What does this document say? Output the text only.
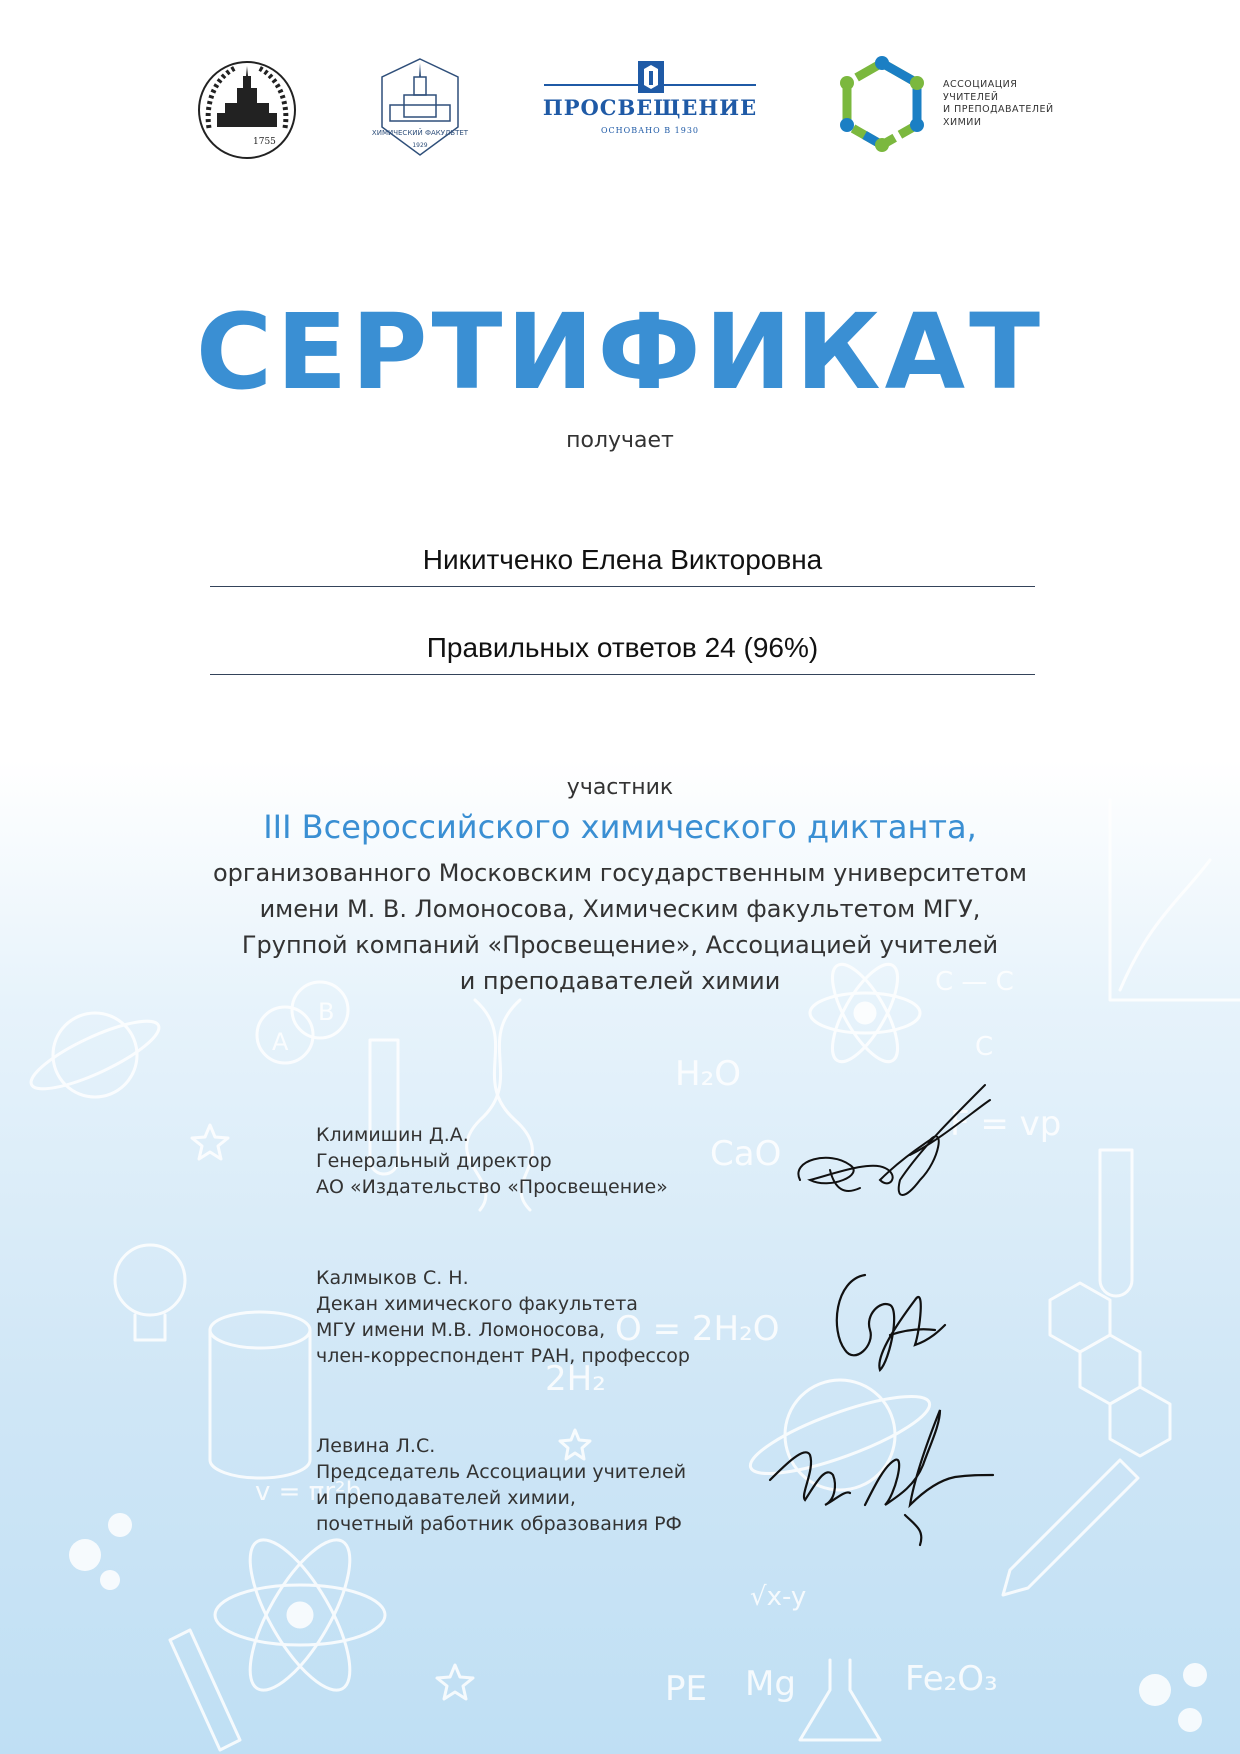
H₂O
CaO
2H₂
O = 2H₂O
A
B
F = vp
Fe₂O₃
PE Mg
v = πr²h
C
C — C
√x-y
1755
ХИМИЧЕСКИЙ ФАКУЛЬТЕТ
1929
ПРОСВЕЩЕНИЕ
ОСНОВАНО В 1930
АССОЦИАЦИЯ
УЧИТЕЛЕЙ
И ПРЕПОДАВАТЕЛЕЙ
ХИМИИ
СЕРТИФИКАТ
получает
Никитченко Елена Викторовна
Правильных ответов 24 (96%)
участник
III Всероссийского химического диктанта,
организованного Московским государственным университетом
имени М. В. Ломоносова, Химическим факультетом МГУ,
Группой компаний «Просвещение», Ассоциацией учителей
и преподавателей химии
Климишин Д.А.
Генеральный директор
АО «Издательство «Просвещение»
Калмыков С. Н.
Декан химического факультета
МГУ имени М.В. Ломоносова,
член-корреспондент РАН, профессор
Левина Л.С.
Председатель Ассоциации учителей
и преподавателей химии,
почетный работник образования РФ
